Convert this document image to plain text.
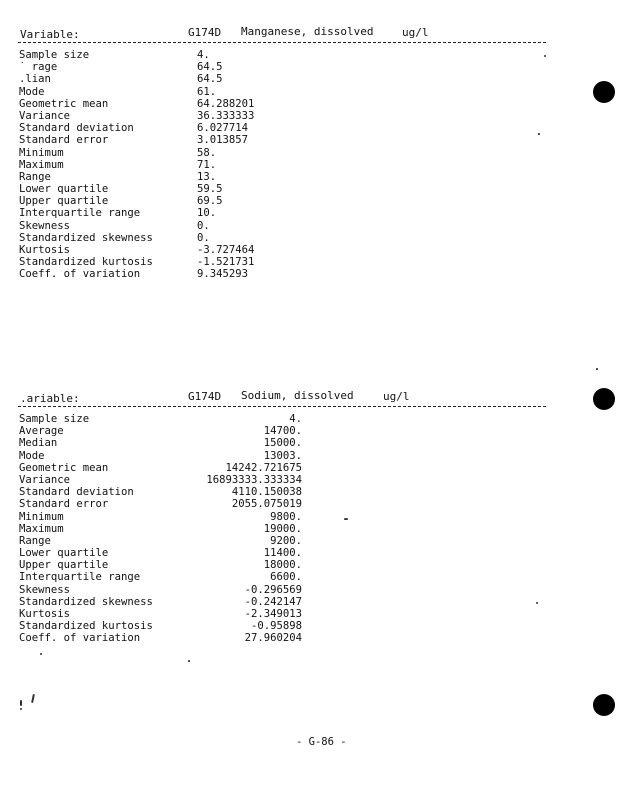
Variable:	G174D Manganese, dissolved	ug/l
Sample size	4.
˙ rage	64.5
.lian	64.5
Mode	61.
Geometric mean	64.288201
Variance	36.333333
Standard deviation	6.027714
Standard error	3.013857
Minimum	58.
Maximum	71.
Range	13.
Lower quartile	59.5
Upper quartile	69.5
Interquartile range	10.
Skewness	0.
Standardized skewness	0.
Kurtosis	-3.727464
Standardized kurtosis	-1.521731
Coeff. of variation	9.345293
.ariable:	G174D Sodium, dissolved	ug/l
Sample size	4.
Average	14700.
Median	15000.
Mode	13003.
Geometric mean	14242.721675
Variance	16893333.333334
Standard deviation	4110.150038
Standard error	2055.075019
Minimum	9800.
Maximum	19000.
Range	9200.
Lower quartile	11400.
Upper quartile	18000.
Interquartile range	6600.
Skewness	-0.296569
Standardized skewness	-0.242147
Kurtosis	-2.349013
Standardized kurtosis	-0.95898
Coeff. of variation	27.960204
- G-86 -
